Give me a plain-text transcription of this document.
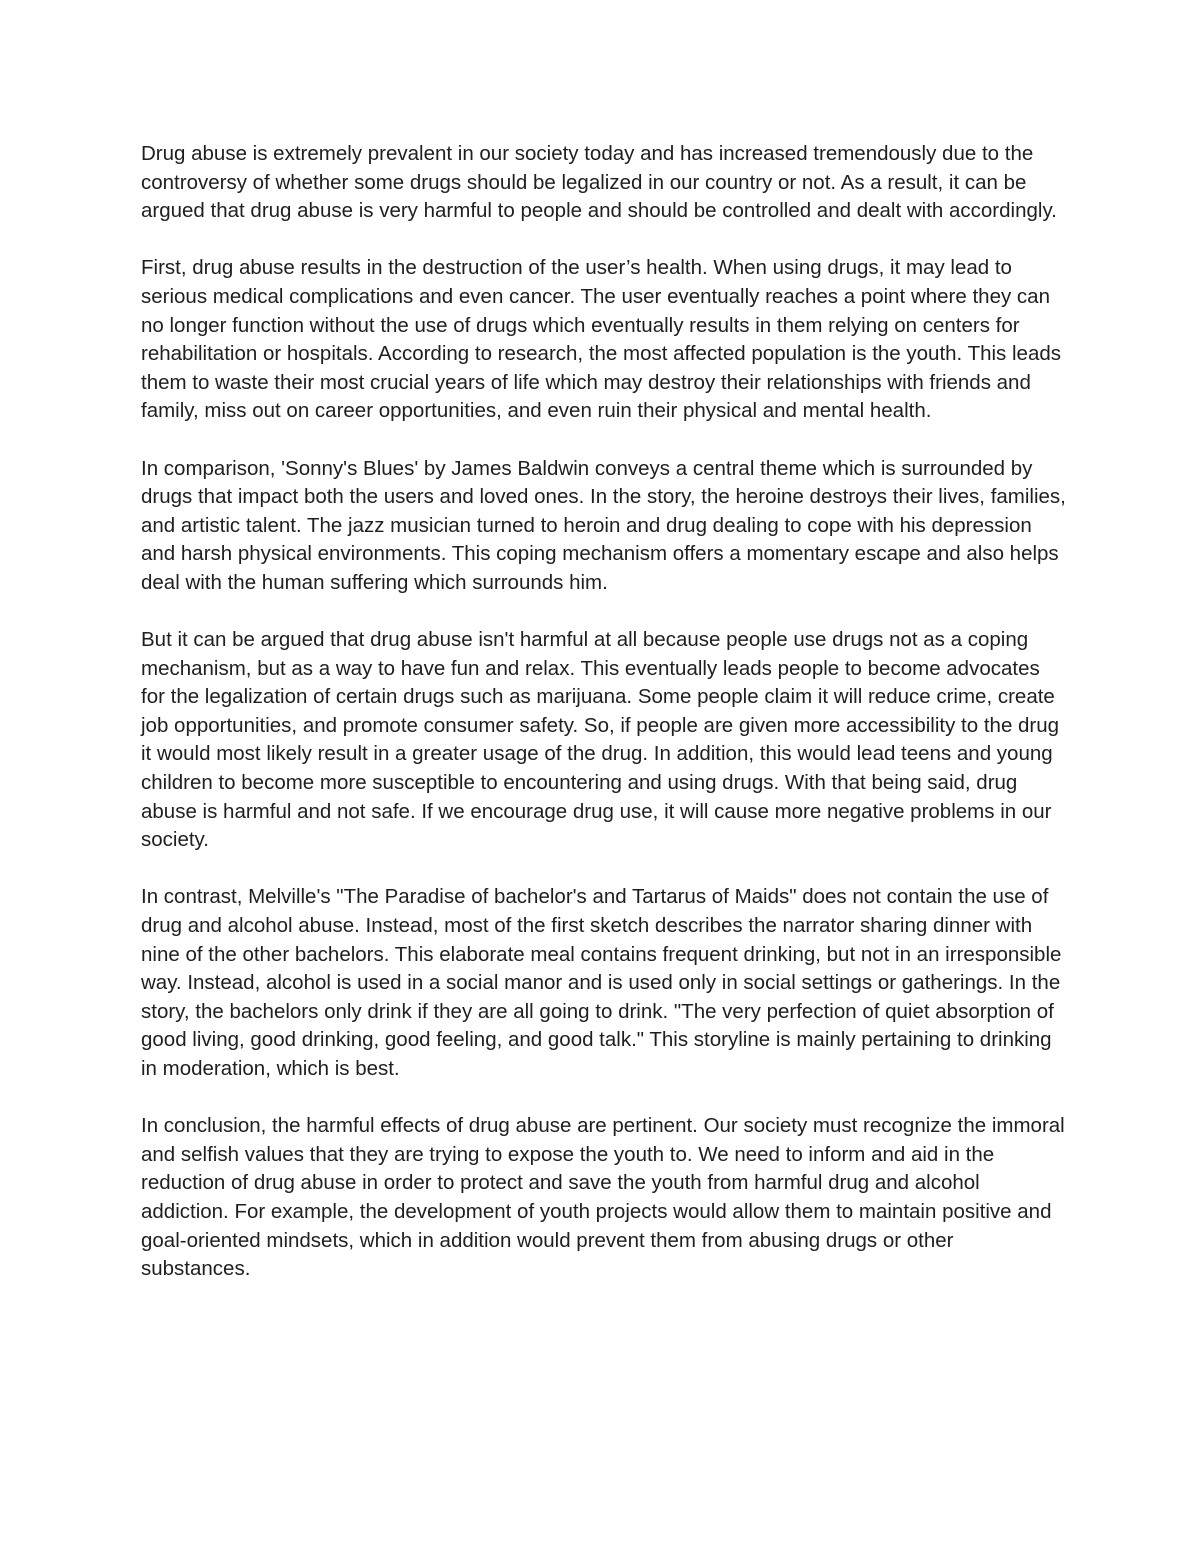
Drug abuse is extremely prevalent in our society today and has increased tremendously due to the controversy of whether some drugs should be legalized in our country or not. As a result, it can be argued that drug abuse is very harmful to people and should be controlled and dealt with accordingly.

First, drug abuse results in the destruction of the user’s health. When using drugs, it may lead to serious medical complications and even cancer. The user eventually reaches a point where they can no longer function without the use of drugs which eventually results in them relying on centers for rehabilitation or hospitals. According to research, the most affected population is the youth. This leads them to waste their most crucial years of life which may destroy their relationships with friends and family, miss out on career opportunities, and even ruin their physical and mental health.

In comparison, 'Sonny's Blues' by James Baldwin conveys a central theme which is surrounded by drugs that impact both the users and loved ones. In the story, the heroine destroys their lives, families, and artistic talent. The jazz musician turned to heroin and drug dealing to cope with his depression and harsh physical environments. This coping mechanism offers a momentary escape and also helps deal with the human suffering which surrounds him.

But it can be argued that drug abuse isn't harmful at all because people use drugs not as a coping mechanism, but as a way to have fun and relax. This eventually leads people to become advocates for the legalization of certain drugs such as marijuana. Some people claim it will reduce crime, create job opportunities, and promote consumer safety. So, if people are given more accessibility to the drug it would most likely result in a greater usage of the drug. In addition, this would lead teens and young children to become more susceptible to encountering and using drugs. With that being said, drug abuse is harmful and not safe. If we encourage drug use, it will cause more negative problems in our society.

In contrast, Melville's "The Paradise of bachelor's and Tartarus of Maids" does not contain the use of drug and alcohol abuse. Instead, most of the first sketch describes the narrator sharing dinner with nine of the other bachelors. This elaborate meal contains frequent drinking, but not in an irresponsible way. Instead, alcohol is used in a social manor and is used only in social settings or gatherings. In the story, the bachelors only drink if they are all going to drink. "The very perfection of quiet absorption of good living, good drinking, good feeling, and good talk." This storyline is mainly pertaining to drinking in moderation, which is best.

In conclusion, the harmful effects of drug abuse are pertinent. Our society must recognize the immoral and selfish values that they are trying to expose the youth to. We need to inform and aid in the reduction of drug abuse in order to protect and save the youth from harmful drug and alcohol addiction. For example, the development of youth projects would allow them to maintain positive and goal-oriented mindsets, which in addition would prevent them from abusing drugs or other substances.
